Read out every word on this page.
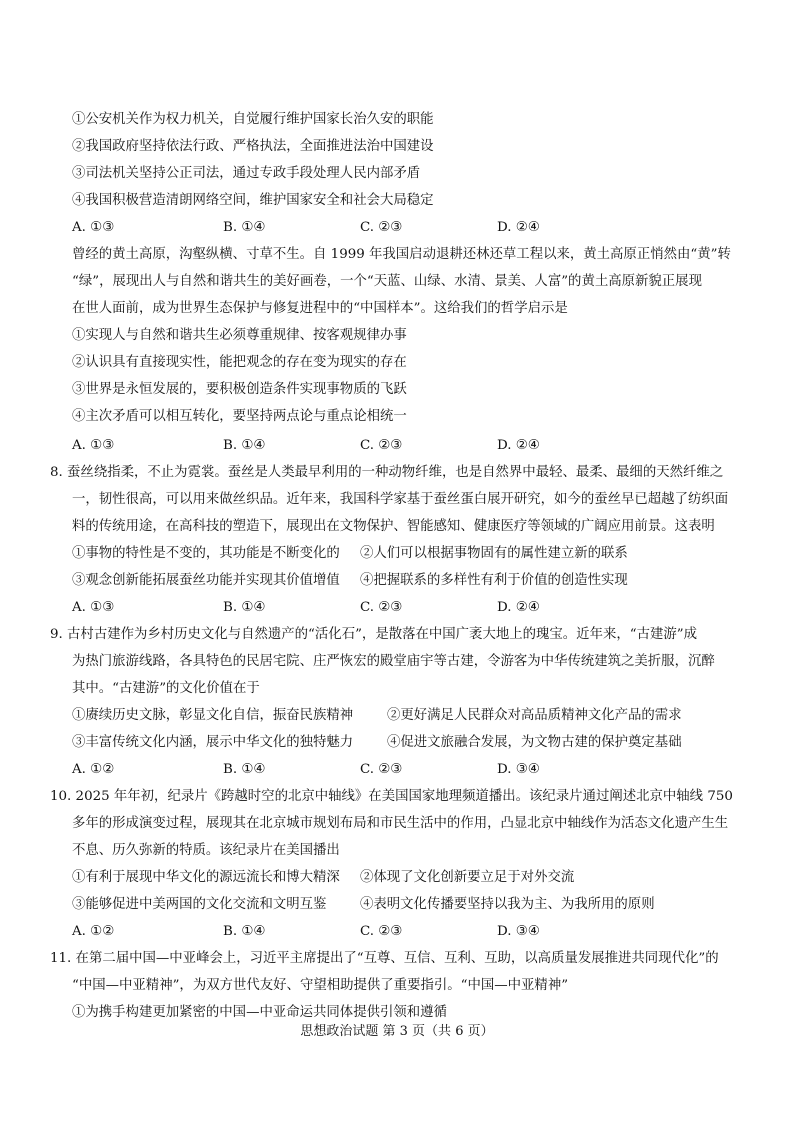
①公安机关作为权力机关，自觉履行维护国家长治久安的职能
②我国政府坚持依法行政、严格执法，全面推进法治中国建设
③司法机关坚持公正司法，通过专政手段处理人民内部矛盾
④我国积极营造清朗网络空间，维护国家安全和社会大局稳定
A. ①③	B. ①④	C. ②③	D. ②④
曾经的黄土高原，沟壑纵横、寸草不生。自 1999 年我国启动退耕还林还草工程以来，黄土高原正悄然由“黄”转
“绿”，展现出人与自然和谐共生的美好画卷，一个“天蓝、山绿、水清、景美、人富”的黄土高原新貌正展现
在世人面前，成为世界生态保护与修复进程中的“中国样本”。这给我们的哲学启示是
①实现人与自然和谐共生必须尊重规律、按客观规律办事
②认识具有直接现实性，能把观念的存在变为现实的存在
③世界是永恒发展的，要积极创造条件实现事物质的飞跃
④主次矛盾可以相互转化，要坚持两点论与重点论相统一
A. ①③	B. ①④	C. ②③	D. ②④
8. 蚕丝绕指柔，不止为霓裳。蚕丝是人类最早利用的一种动物纤维，也是自然界中最轻、最柔、最细的天然纤维之
一，韧性很高，可以用来做丝织品。近年来，我国科学家基于蚕丝蛋白展开研究，如今的蚕丝早已超越了纺织面
料的传统用途，在高科技的塑造下，展现出在文物保护、智能感知、健康医疗等领域的广阔应用前景。这表明
①事物的特性是不变的，其功能是不断变化的 ②人们可以根据事物固有的属性建立新的联系
③观念创新能拓展蚕丝功能并实现其价值增值 ④把握联系的多样性有利于价值的创造性实现
A. ①③	B. ①④	C. ②③	D. ②④
9. 古村古建作为乡村历史文化与自然遗产的“活化石”，是散落在中国广袤大地上的瑰宝。近年来，“古建游”成
为热门旅游线路，各具特色的民居宅院、庄严恢宏的殿堂庙宇等古建，令游客为中华传统建筑之美折服，沉醉
其中。“古建游”的文化价值在于
①赓续历史文脉，彰显文化自信，振奋民族精神	②更好满足人民群众对高品质精神文化产品的需求
③丰富传统文化内涵，展示中华文化的独特魅力	④促进文旅融合发展，为文物古建的保护奠定基础
A. ①②	B. ①④	C. ②③	D. ③④
10. 2025 年年初，纪录片《跨越时空的北京中轴线》在美国国家地理频道播出。该纪录片通过阐述北京中轴线 750
多年的形成演变过程，展现其在北京城市规划布局和市民生活中的作用，凸显北京中轴线作为活态文化遗产生生
不息、历久弥新的特质。该纪录片在美国播出
①有利于展现中华文化的源远流长和博大精深 ②体现了文化创新要立足于对外交流
③能够促进中美两国的文化交流和文明互鉴	④表明文化传播要坚持以我为主、为我所用的原则
A. ①②	B. ①④	C. ②③	D. ③④
11. 在第二届中国—中亚峰会上，习近平主席提出了“互尊、互信、互利、互助，以高质量发展推进共同现代化”的
“中国—中亚精神”，为双方世代友好、守望相助提供了重要指引。“中国—中亚精神”
①为携手构建更加紧密的中国—中亚命运共同体提供引领和遵循
思想政治试题 第 3 页（共 6 页）
